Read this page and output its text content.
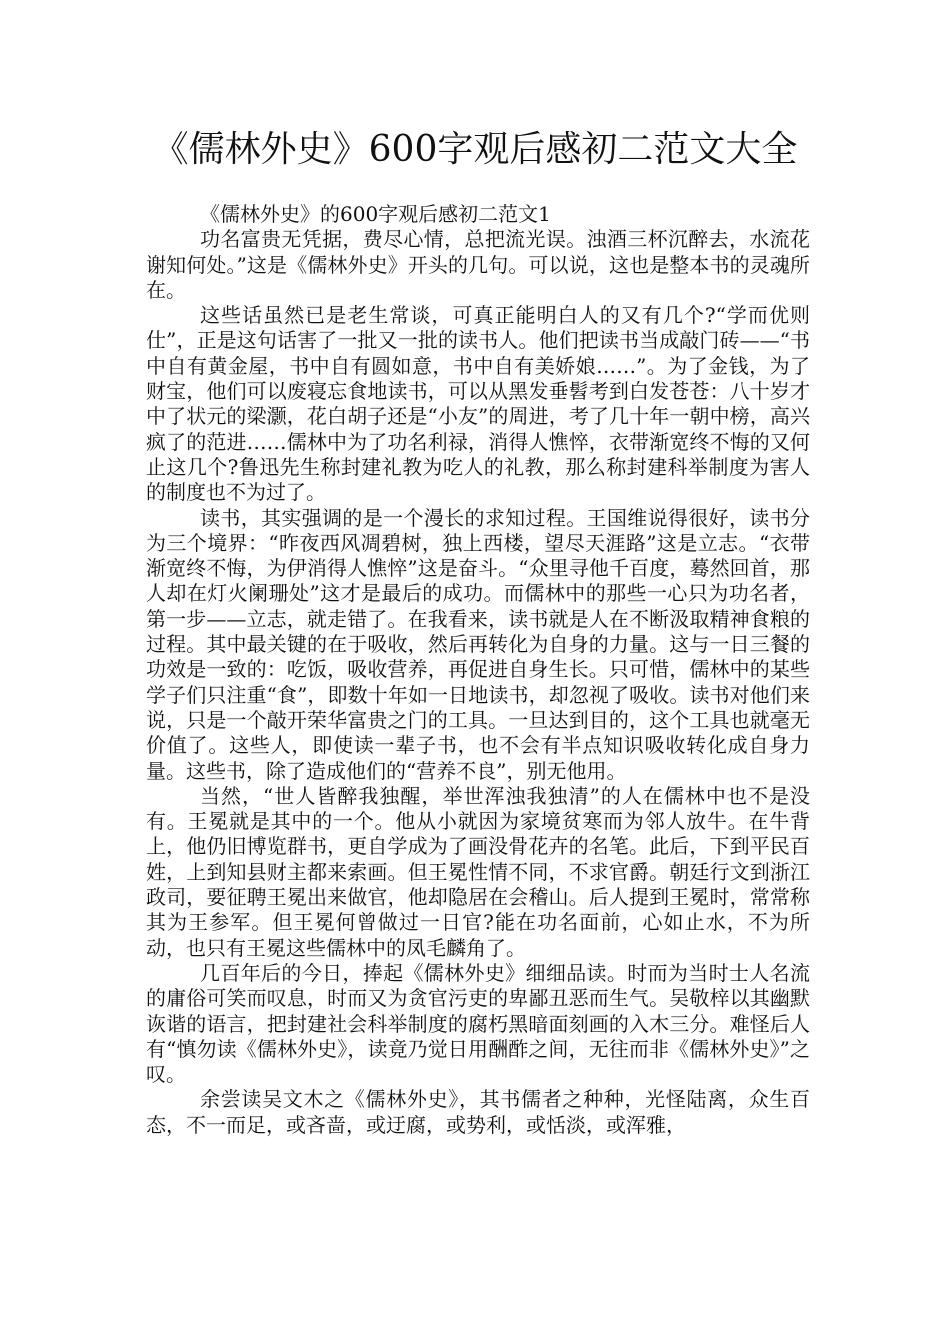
《儒林外史》600字观后感初二范文大全

《儒林外史》的600字观后感初二范文1

功名富贵无凭据，费尽心情，总把流光误。浊酒三杯沉醉去，水流花谢知何处。”这是《儒林外史》开头的几句。可以说，这也是整本书的灵魂所在。

这些话虽然已是老生常谈，可真正能明白人的又有几个?“学而优则仕”，正是这句话害了一批又一批的读书人。他们把读书当成敲门砖——“书中自有黄金屋，书中自有圆如意，书中自有美娇娘……”。为了金钱，为了财宝，他们可以废寝忘食地读书，可以从黑发垂髫考到白发苍苍：八十岁才中了状元的梁灏，花白胡子还是“小友”的周进，考了几十年一朝中榜，高兴疯了的范进……儒林中为了功名利禄，消得人憔悴，衣带渐宽终不悔的又何止这几个?鲁迅先生称封建礼教为吃人的礼教，那么称封建科举制度为害人的制度也不为过了。

读书，其实强调的是一个漫长的求知过程。王国维说得很好，读书分为三个境界：“昨夜西风凋碧树，独上西楼，望尽天涯路”这是立志。“衣带渐宽终不悔，为伊消得人憔悴”这是奋斗。“众里寻他千百度，蓦然回首，那人却在灯火阑珊处”这才是最后的成功。而儒林中的那些一心只为功名者，第一步——立志，就走错了。在我看来，读书就是人在不断汲取精神食粮的过程。其中最关键的在于吸收，然后再转化为自身的力量。这与一日三餐的功效是一致的：吃饭，吸收营养，再促进自身生长。只可惜，儒林中的某些学子们只注重“食”，即数十年如一日地读书，却忽视了吸收。读书对他们来说，只是一个敲开荣华富贵之门的工具。一旦达到目的，这个工具也就毫无价值了。这些人，即使读一辈子书，也不会有半点知识吸收转化成自身力量。这些书，除了造成他们的“营养不良”，别无他用。

当然，“世人皆醉我独醒，举世浑浊我独清”的人在儒林中也不是没有。王冕就是其中的一个。他从小就因为家境贫寒而为邻人放牛。在牛背上，他仍旧博览群书，更自学成为了画没骨花卉的名笔。此后，下到平民百姓，上到知县财主都来索画。但王冕性情不同，不求官爵。朝廷行文到浙江政司，要征聘王冕出来做官，他却隐居在会稽山。后人提到王冕时，常常称其为王参军。但王冕何曾做过一日官?能在功名面前，心如止水，不为所动，也只有王冕这些儒林中的凤毛麟角了。

几百年后的今日，捧起《儒林外史》细细品读。时而为当时士人名流的庸俗可笑而叹息，时而又为贪官污吏的卑鄙丑恶而生气。吴敬梓以其幽默诙谐的语言，把封建社会科举制度的腐朽黑暗面刻画的入木三分。难怪后人有“慎勿读《儒林外史》，读竟乃觉日用酬酢之间，无往而非《儒林外史》”之叹。

余尝读吴文木之《儒林外史》，其书儒者之种种，光怪陆离，众生百态，不一而足，或吝啬，或迂腐，或势利，或恬淡，或浑雅，
